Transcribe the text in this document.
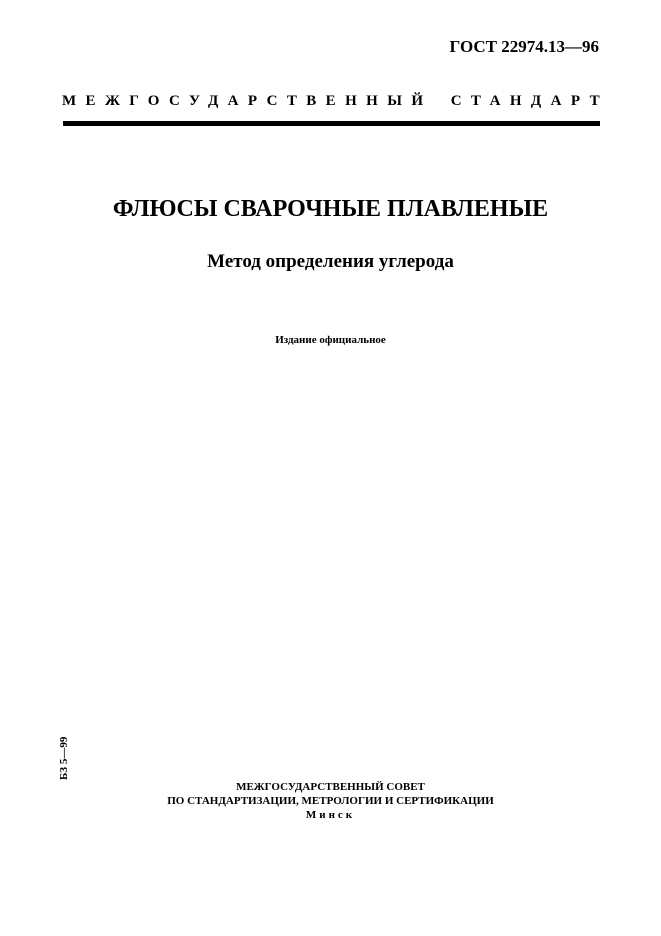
ГОСТ 22974.13—96
МЕЖГОСУДАРСТВЕННЫЙ СТАНДАРТ
ФЛЮСЫ СВАРОЧНЫЕ ПЛАВЛЕНЫЕ
Метод определения углерода
Издание официальное
БЗ 5—99
МЕЖГОСУДАРСТВЕННЫЙ СОВЕТ
ПО СТАНДАРТИЗАЦИИ, МЕТРОЛОГИИ И СЕРТИФИКАЦИИ
Минск
